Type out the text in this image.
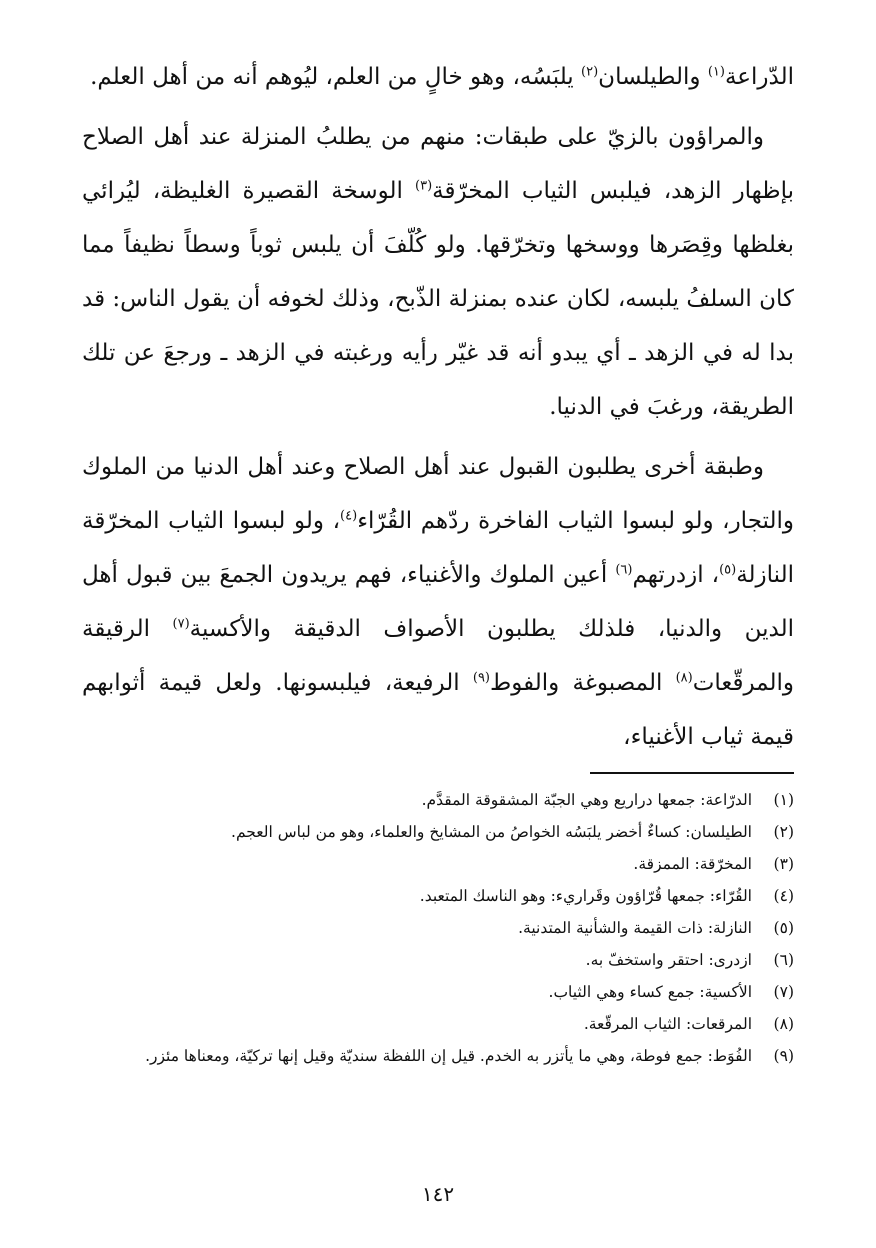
الدّراعة$^{(١)}$ والطيلسان$^{(٢)}$ يلبَسُه، وهو خالٍ من العلم، ليُوهم أنه من أهل العلم.

والمراؤون بالزيّ على طبقات: منهم من يطلبُ المنزلة عند أهل الصلاح بإظهار الزهد، فيلبس الثياب المخرّقة$^{(٣)}$ الوسخة القصيرة الغليظة، ليُرائي بغلظها وقِصَرها ووسخها وتخرّقها. ولو كُلّفَ أن يلبس ثوباً وسطاً نظيفاً مما كان السلفُ يلبسه، لكان عنده بمنزلة الذّبح، وذلك لخوفه أن يقول الناس: قد بدا له في الزهد ـ أي يبدو أنه قد غيّر رأيه ورغبته في الزهد ـ ورجعَ عن تلك الطريقة، ورغبَ في الدنيا.

وطبقة أخرى يطلبون القبول عند أهل الصلاح وعند أهل الدنيا من الملوك والتجار، ولو لبسوا الثياب الفاخرة ردّهم القُرّاء$^{(٤)}$، ولو لبسوا الثياب المخرّقة النازلة$^{(٥)}$، ازدرتهم$^{(٦)}$ أعين الملوك والأغنياء، فهم يريدون الجمعَ بين قبول أهل الدين والدنيا، فلذلك يطلبون الأصواف الدقيقة والأكسية$^{(٧)}$ الرقيقة والمرقّعات$^{(٨)}$ المصبوغة والفوط$^{(٩)}$ الرفيعة، فيلبسونها. ولعل قيمة أثوابهم قيمة ثياب الأغنياء،

(١)
الدرّاعة: جمعها دراريع وهي الجبّة المشقوقة المقدَّم.
(٢)
الطيلسان: كساءٌ أخضر يلبَسُه الخواصُ من المشايخ والعلماء، وهو من لباس العجم.
(٣)
المخرّقة: الممزقة.
(٤)
القُرّاء: جمعها قُرّاؤون وقَراريء: وهو الناسك المتعبد.
(٥)
النازلة: ذات القيمة والشأنية المتدنية.
(٦)
ازدرى: احتقر واستخفّ به.
(٧)
الأكسية: جمع كساء وهي الثياب.
(٨)
المرقعات: الثياب المرقّعة.
(٩)
الفُوَط: جمع فوطة، وهي ما يأتزر به الخدم. قيل إن اللفظة سنديّة وقيل إنها تركيّة، ومعناها مئزر.
١٤٢
